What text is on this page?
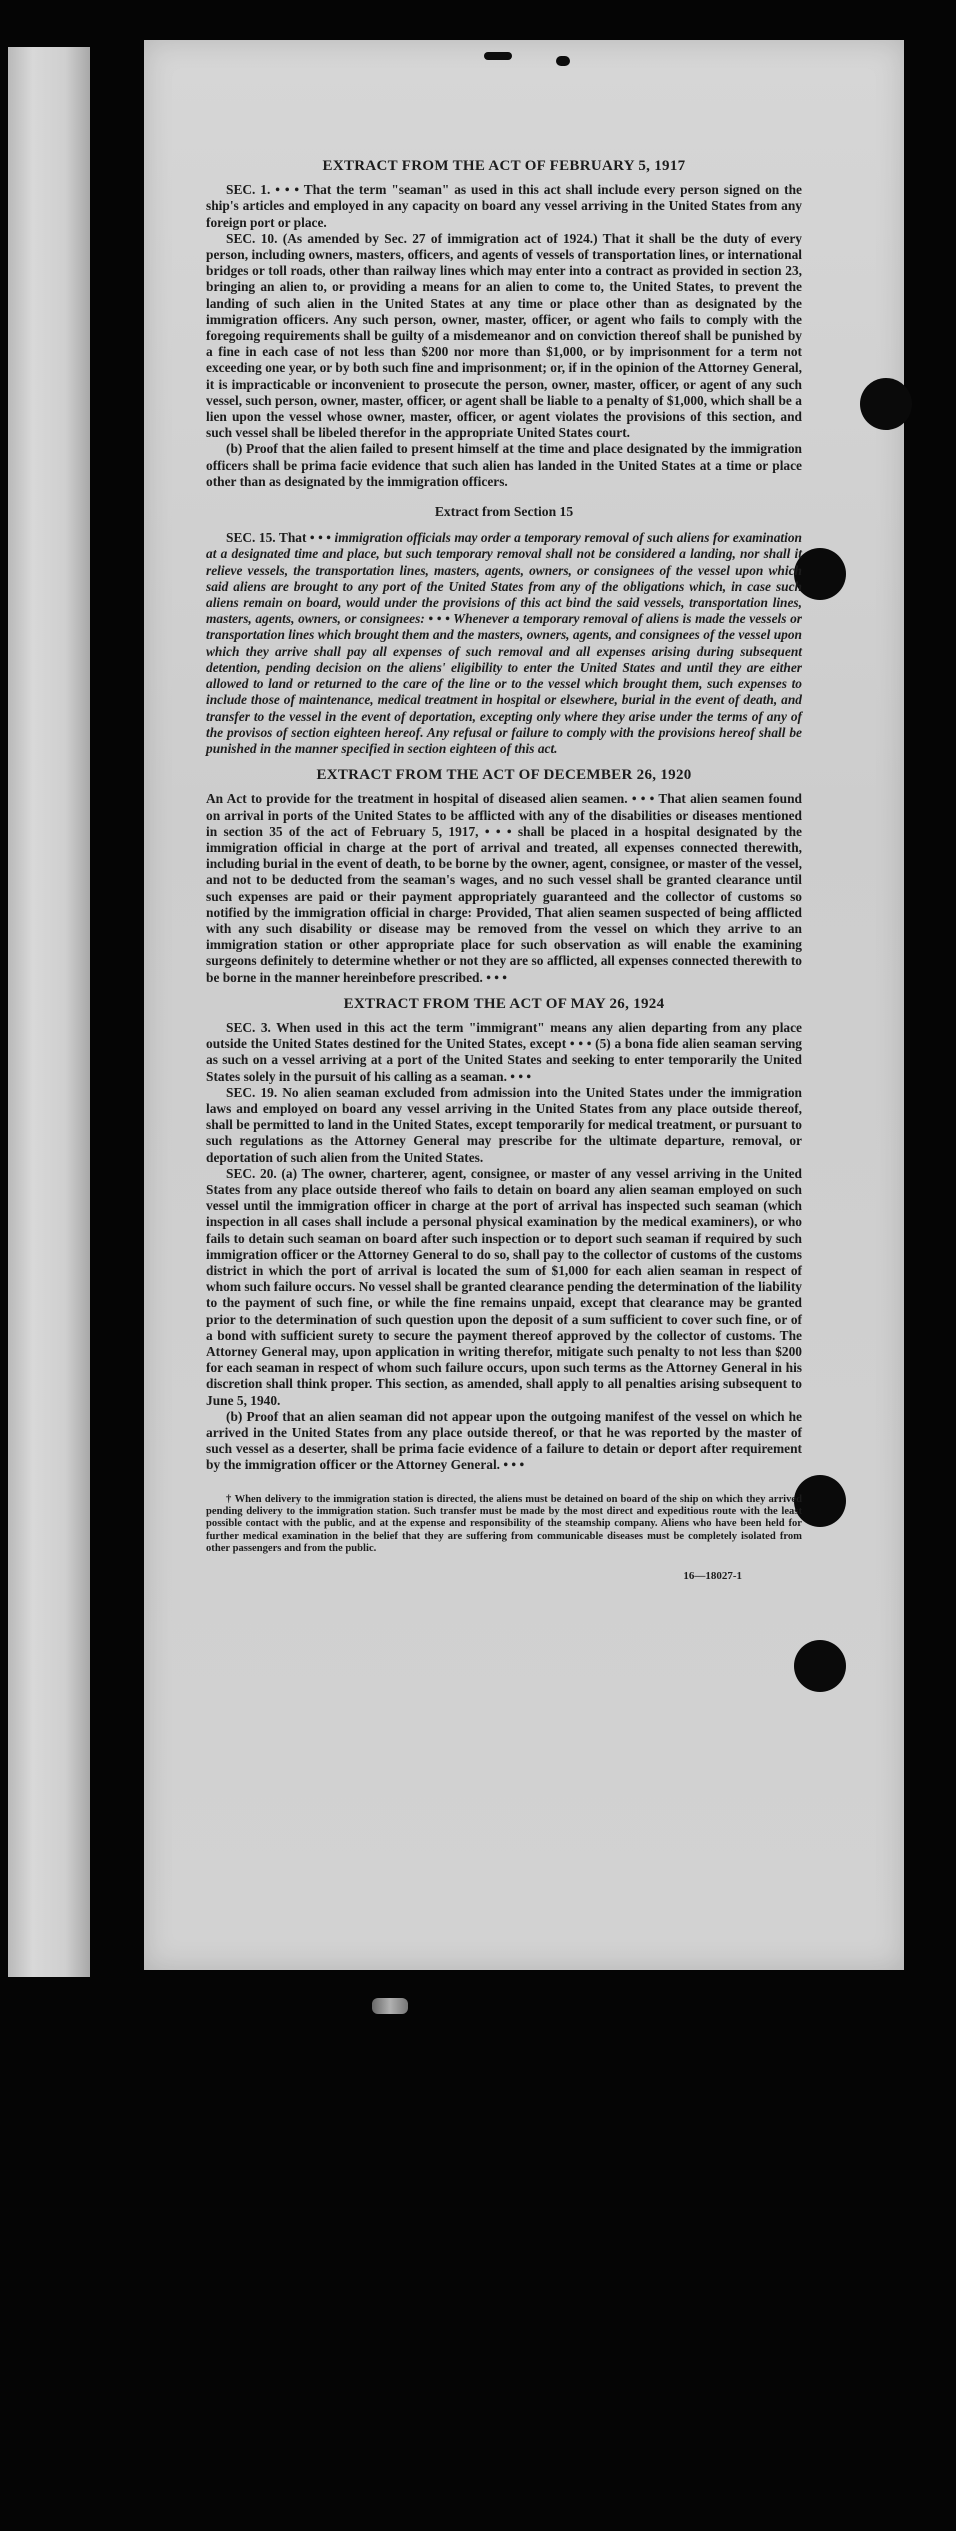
EXTRACT FROM THE ACT OF FEBRUARY 5, 1917

SEC. 1. • • • That the term "seaman" as used in this act shall include every person signed on the ship's articles and employed in any capacity on board any vessel arriving in the United States from any foreign port or place.

SEC. 10. (As amended by Sec. 27 of immigration act of 1924.) That it shall be the duty of every person, including owners, masters, officers, and agents of vessels of transportation lines, or international bridges or toll roads, other than railway lines which may enter into a contract as provided in section 23, bringing an alien to, or providing a means for an alien to come to, the United States, to prevent the landing of such alien in the United States at any time or place other than as designated by the immigration officers. Any such person, owner, master, officer, or agent who fails to comply with the foregoing requirements shall be guilty of a misdemeanor and on conviction thereof shall be punished by a fine in each case of not less than $200 nor more than $1,000, or by imprisonment for a term not exceeding one year, or by both such fine and imprisonment; or, if in the opinion of the Attorney General, it is impracticable or inconvenient to prosecute the person, owner, master, officer, or agent of any such vessel, such person, owner, master, officer, or agent shall be liable to a penalty of $1,000, which shall be a lien upon the vessel whose owner, master, officer, or agent violates the provisions of this section, and such vessel shall be libeled therefor in the appropriate United States court.

(b) Proof that the alien failed to present himself at the time and place designated by the immigration officers shall be prima facie evidence that such alien has landed in the United States at a time or place other than as designated by the immigration officers.

Extract from Section 15

SEC. 15. That • • • immigration officials may order a temporary removal of such aliens for examination at a designated time and place, but such temporary removal shall not be considered a landing, nor shall it relieve vessels, the transportation lines, masters, agents, owners, or consignees of the vessel upon which said aliens are brought to any port of the United States from any of the obligations which, in case such aliens remain on board, would under the provisions of this act bind the said vessels, transportation lines, masters, agents, owners, or consignees: • • • Whenever a temporary removal of aliens is made the vessels or transportation lines which brought them and the masters, owners, agents, and consignees of the vessel upon which they arrive shall pay all expenses of such removal and all expenses arising during subsequent detention, pending decision on the aliens' eligibility to enter the United States and until they are either allowed to land or returned to the care of the line or to the vessel which brought them, such expenses to include those of maintenance, medical treatment in hospital or elsewhere, burial in the event of death, and transfer to the vessel in the event of deportation, excepting only where they arise under the terms of any of the provisos of section eighteen hereof. Any refusal or failure to comply with the provisions hereof shall be punished in the manner specified in section eighteen of this act.

EXTRACT FROM THE ACT OF DECEMBER 26, 1920

An Act to provide for the treatment in hospital of diseased alien seamen. • • • That alien seamen found on arrival in ports of the United States to be afflicted with any of the disabilities or diseases mentioned in section 35 of the act of February 5, 1917, • • • shall be placed in a hospital designated by the immigration official in charge at the port of arrival and treated, all expenses connected therewith, including burial in the event of death, to be borne by the owner, agent, consignee, or master of the vessel, and not to be deducted from the seaman's wages, and no such vessel shall be granted clearance until such expenses are paid or their payment appropriately guaranteed and the collector of customs so notified by the immigration official in charge: Provided, That alien seamen suspected of being afflicted with any such disability or disease may be removed from the vessel on which they arrive to an immigration station or other appropriate place for such observation as will enable the examining surgeons definitely to determine whether or not they are so afflicted, all expenses connected therewith to be borne in the manner hereinbefore prescribed. • • •

EXTRACT FROM THE ACT OF MAY 26, 1924

SEC. 3. When used in this act the term "immigrant" means any alien departing from any place outside the United States destined for the United States, except • • • (5) a bona fide alien seaman serving as such on a vessel arriving at a port of the United States and seeking to enter temporarily the United States solely in the pursuit of his calling as a seaman. • • •

SEC. 19. No alien seaman excluded from admission into the United States under the immigration laws and employed on board any vessel arriving in the United States from any place outside thereof, shall be permitted to land in the United States, except temporarily for medical treatment, or pursuant to such regulations as the Attorney General may prescribe for the ultimate departure, removal, or deportation of such alien from the United States.

SEC. 20. (a) The owner, charterer, agent, consignee, or master of any vessel arriving in the United States from any place outside thereof who fails to detain on board any alien seaman employed on such vessel until the immigration officer in charge at the port of arrival has inspected such seaman (which inspection in all cases shall include a personal physical examination by the medical examiners), or who fails to detain such seaman on board after such inspection or to deport such seaman if required by such immigration officer or the Attorney General to do so, shall pay to the collector of customs of the customs district in which the port of arrival is located the sum of $1,000 for each alien seaman in respect of whom such failure occurs. No vessel shall be granted clearance pending the determination of the liability to the payment of such fine, or while the fine remains unpaid, except that clearance may be granted prior to the determination of such question upon the deposit of a sum sufficient to cover such fine, or of a bond with sufficient surety to secure the payment thereof approved by the collector of customs. The Attorney General may, upon application in writing therefor, mitigate such penalty to not less than $200 for each seaman in respect of whom such failure occurs, upon such terms as the Attorney General in his discretion shall think proper. This section, as amended, shall apply to all penalties arising subsequent to June 5, 1940.

(b) Proof that an alien seaman did not appear upon the outgoing manifest of the vessel on which he arrived in the United States from any place outside thereof, or that he was reported by the master of such vessel as a deserter, shall be prima facie evidence of a failure to detain or deport after requirement by the immigration officer or the Attorney General. • • •

† When delivery to the immigration station is directed, the aliens must be detained on board of the ship on which they arrived pending delivery to the immigration station. Such transfer must be made by the most direct and expeditious route with the least possible contact with the public, and at the expense and responsibility of the steamship company. Aliens who have been held for further medical examination in the belief that they are suffering from communicable diseases must be completely isolated from other passengers and from the public.

16—18027-1
